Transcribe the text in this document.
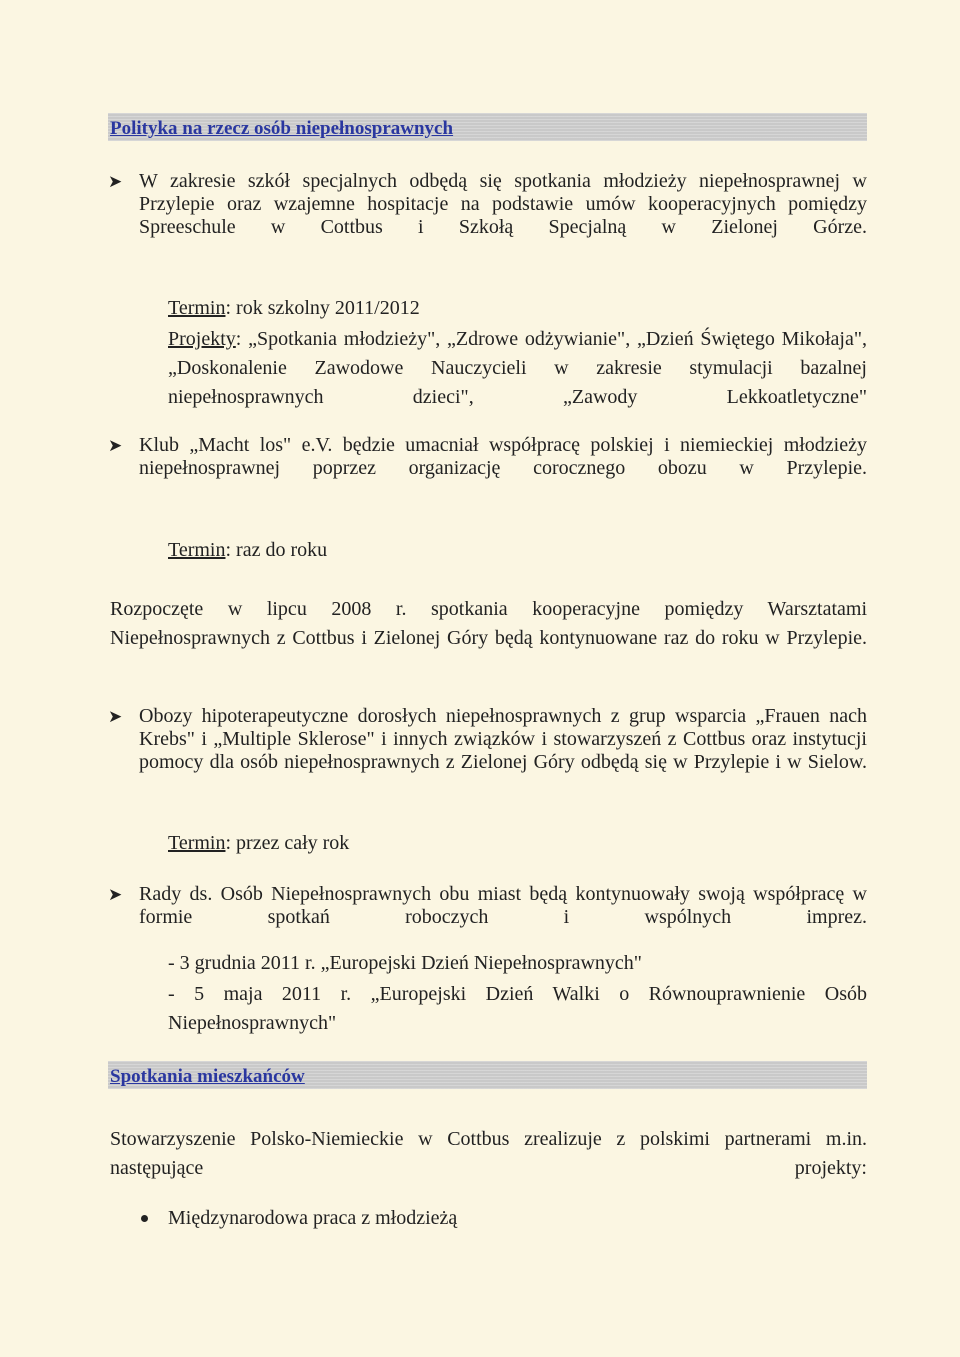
Polityka na rzecz osób niepełnosprawnych
➤ W zakresie szkół specjalnych odbędą się spotkania młodzieży niepełnosprawnej w Przylepie oraz wzajemne hospitacje na podstawie umów kooperacyjnych pomiędzy Spreeschule w Cottbus i Szkołą Specjalną w Zielonej Górze.

Termin: rok szkolny 2011/2012

Projekty: „Spotkania młodzieży", „Zdrowe odżywianie", „Dzień Świętego Mikołaja", „Doskonalenie Zawodowe Nauczycieli w zakresie stymulacji bazalnej niepełnosprawnych dzieci", „Zawody Lekkoatletyczne"

➤ Klub „Macht los" e.V. będzie umacniał współpracę polskiej i niemieckiej młodzieży niepełnosprawnej poprzez organizację corocznego obozu w Przylepie.

Termin: raz do roku

Rozpoczęte w lipcu 2008 r. spotkania kooperacyjne pomiędzy Warsztatami Niepełnosprawnych z Cottbus i Zielonej Góry będą kontynuowane raz do roku w Przylepie.

➤ Obozy hipoterapeutyczne dorosłych niepełnosprawnych z grup wsparcia „Frauen nach Krebs" i „Multiple Sklerose" i innych związków i stowarzyszeń z Cottbus oraz instytucji pomocy dla osób niepełnosprawnych z Zielonej Góry odbędą się w Przylepie i w Sielow.

Termin: przez cały rok

➤ Rady ds. Osób Niepełnosprawnych obu miast będą kontynuowały swoją współpracę w formie spotkań roboczych i wspólnych imprez.

- 3 grudnia 2011 r. „Europejski Dzień Niepełnosprawnych"

- 5 maja 2011 r. „Europejski Dzień Walki o Równouprawnienie Osób Niepełnosprawnych"

Spotkania mieszkańców

Stowarzyszenie Polsko-Niemieckie w Cottbus zrealizuje z polskimi partnerami m.in. następujące projekty:

Międzynarodowa praca z młodzieżą
